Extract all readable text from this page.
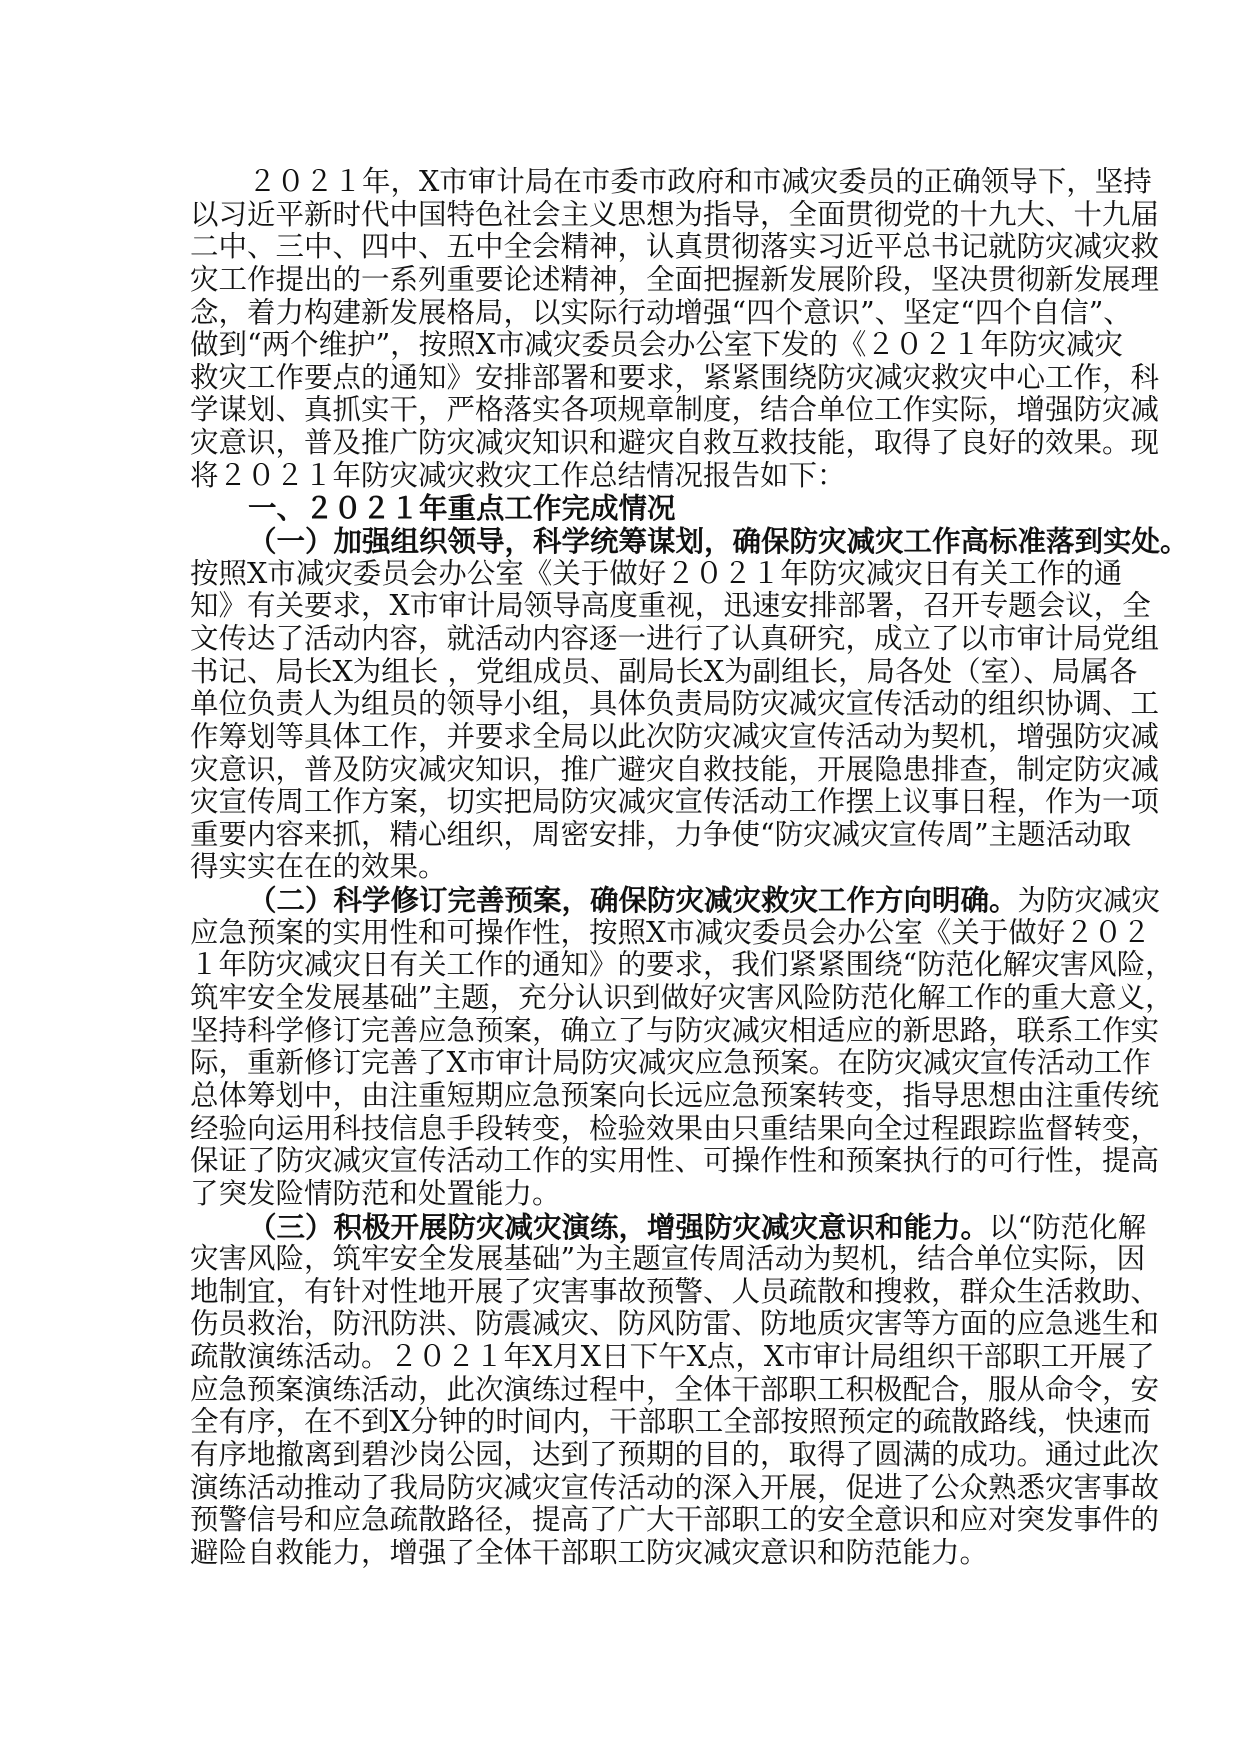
２０２１年，X市审计局在市委市政府和市减灾委员的正确领导下，坚持
以习近平新时代中国特色社会主义思想为指导，全面贯彻党的十九大、十九届
二中、三中、四中、五中全会精神，认真贯彻落实习近平总书记就防灾减灾救
灾工作提出的一系列重要论述精神，全面把握新发展阶段，坚决贯彻新发展理
念，着力构建新发展格局，以实际行动增强“四个意识”、坚定“四个自信”、
做到“两个维护”，按照X市减灾委员会办公室下发的《２０２１年防灾减灾
救灾工作要点的通知》安排部署和要求，紧紧围绕防灾减灾救灾中心工作，科
学谋划、真抓实干，严格落实各项规章制度，结合单位工作实际，增强防灾减
灾意识，普及推广防灾减灾知识和避灾自救互救技能，取得了良好的效果。现
将２０２１年防灾减灾救灾工作总结情况报告如下：
一、２０２１年重点工作完成情况
（一）加强组织领导，科学统筹谋划，确保防灾减灾工作高标准落到实处。
按照X市减灾委员会办公室《关于做好２０２１年防灾减灾日有关工作的通
知》有关要求，X市审计局领导高度重视，迅速安排部署，召开专题会议，全
文传达了活动内容，就活动内容逐一进行了认真研究，成立了以市审计局党组
书记、局长X为组长 ，党组成员、副局长X为副组长，局各处（室）、局属各
单位负责人为组员的领导小组，具体负责局防灾减灾宣传活动的组织协调、工
作筹划等具体工作，并要求全局以此次防灾减灾宣传活动为契机，增强防灾减
灾意识，普及防灾减灾知识，推广避灾自救技能，开展隐患排查，制定防灾减
灾宣传周工作方案，切实把局防灾减灾宣传活动工作摆上议事日程，作为一项
重要内容来抓，精心组织，周密安排，力争使“防灾减灾宣传周”主题活动取
得实实在在的效果。
（二）科学修订完善预案，确保防灾减灾救灾工作方向明确。为防灾减灾
应急预案的实用性和可操作性，按照X市减灾委员会办公室《关于做好２０２
１年防灾减灾日有关工作的通知》的要求，我们紧紧围绕“防范化解灾害风险，
筑牢安全发展基础”主题，充分认识到做好灾害风险防范化解工作的重大意义，
坚持科学修订完善应急预案，确立了与防灾减灾相适应的新思路，联系工作实
际，重新修订完善了X市审计局防灾减灾应急预案。在防灾减灾宣传活动工作
总体筹划中，由注重短期应急预案向长远应急预案转变，指导思想由注重传统
经验向运用科技信息手段转变，检验效果由只重结果向全过程跟踪监督转变，
保证了防灾减灾宣传活动工作的实用性、可操作性和预案执行的可行性，提高
了突发险情防范和处置能力。
（三）积极开展防灾减灾演练，增强防灾减灾意识和能力。以“防范化解
灾害风险，筑牢安全发展基础”为主题宣传周活动为契机，结合单位实际，因
地制宜，有针对性地开展了灾害事故预警、人员疏散和搜救，群众生活救助、
伤员救治，防汛防洪、防震减灾、防风防雷、防地质灾害等方面的应急逃生和
疏散演练活动。２０２１年X月X日下午X点，X市审计局组织干部职工开展了
应急预案演练活动，此次演练过程中，全体干部职工积极配合，服从命令，安
全有序，在不到X分钟的时间内，干部职工全部按照预定的疏散路线，快速而
有序地撤离到碧沙岗公园，达到了预期的目的，取得了圆满的成功。通过此次
演练活动推动了我局防灾减灾宣传活动的深入开展，促进了公众熟悉灾害事故
预警信号和应急疏散路径，提高了广大干部职工的安全意识和应对突发事件的
避险自救能力，增强了全体干部职工防灾减灾意识和防范能力。
